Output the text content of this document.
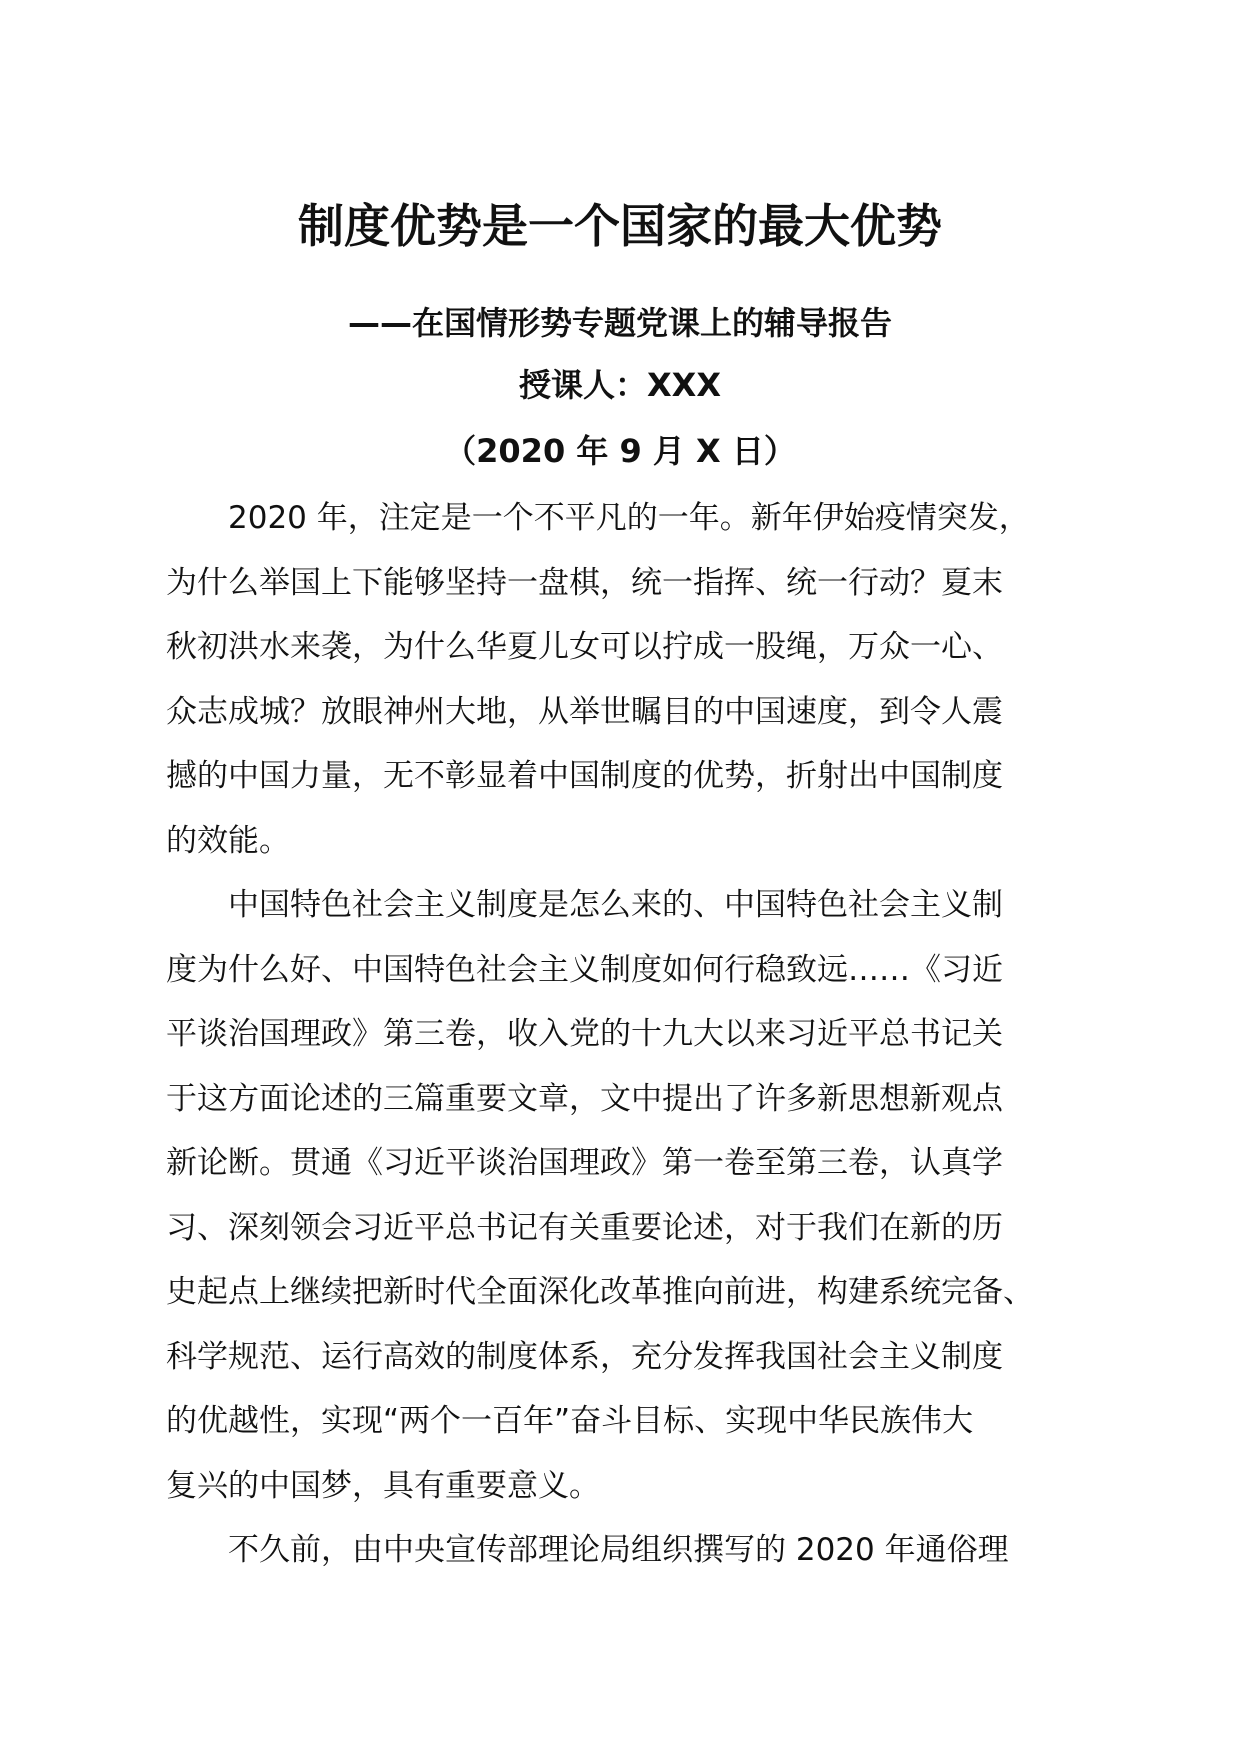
制度优势是一个国家的最大优势
——在国情形势专题党课上的辅导报告
授课人：XXX
（2020 年 9 月 X 日）

2020 年，注定是一个不平凡的一年。新年伊始疫情突发，
为什么举国上下能够坚持一盘棋，统一指挥、统一行动？夏末
秋初洪水来袭，为什么华夏儿女可以拧成一股绳，万众一心、
众志成城？放眼神州大地，从举世瞩目的中国速度，到令人震
撼的中国力量，无不彰显着中国制度的优势，折射出中国制度
的效能。

中国特色社会主义制度是怎么来的、中国特色社会主义制
度为什么好、中国特色社会主义制度如何行稳致远……《习近
平谈治国理政》第三卷，收入党的十九大以来习近平总书记关
于这方面论述的三篇重要文章，文中提出了许多新思想新观点
新论断。贯通《习近平谈治国理政》第一卷至第三卷，认真学
习、深刻领会习近平总书记有关重要论述，对于我们在新的历
史起点上继续把新时代全面深化改革推向前进，构建系统完备、
科学规范、运行高效的制度体系，充分发挥我国社会主义制度
的优越性，实现“两个一百年”奋斗目标、实现中华民族伟大
复兴的中国梦，具有重要意义。

不久前，由中央宣传部理论局组织撰写的 2020 年通俗理
